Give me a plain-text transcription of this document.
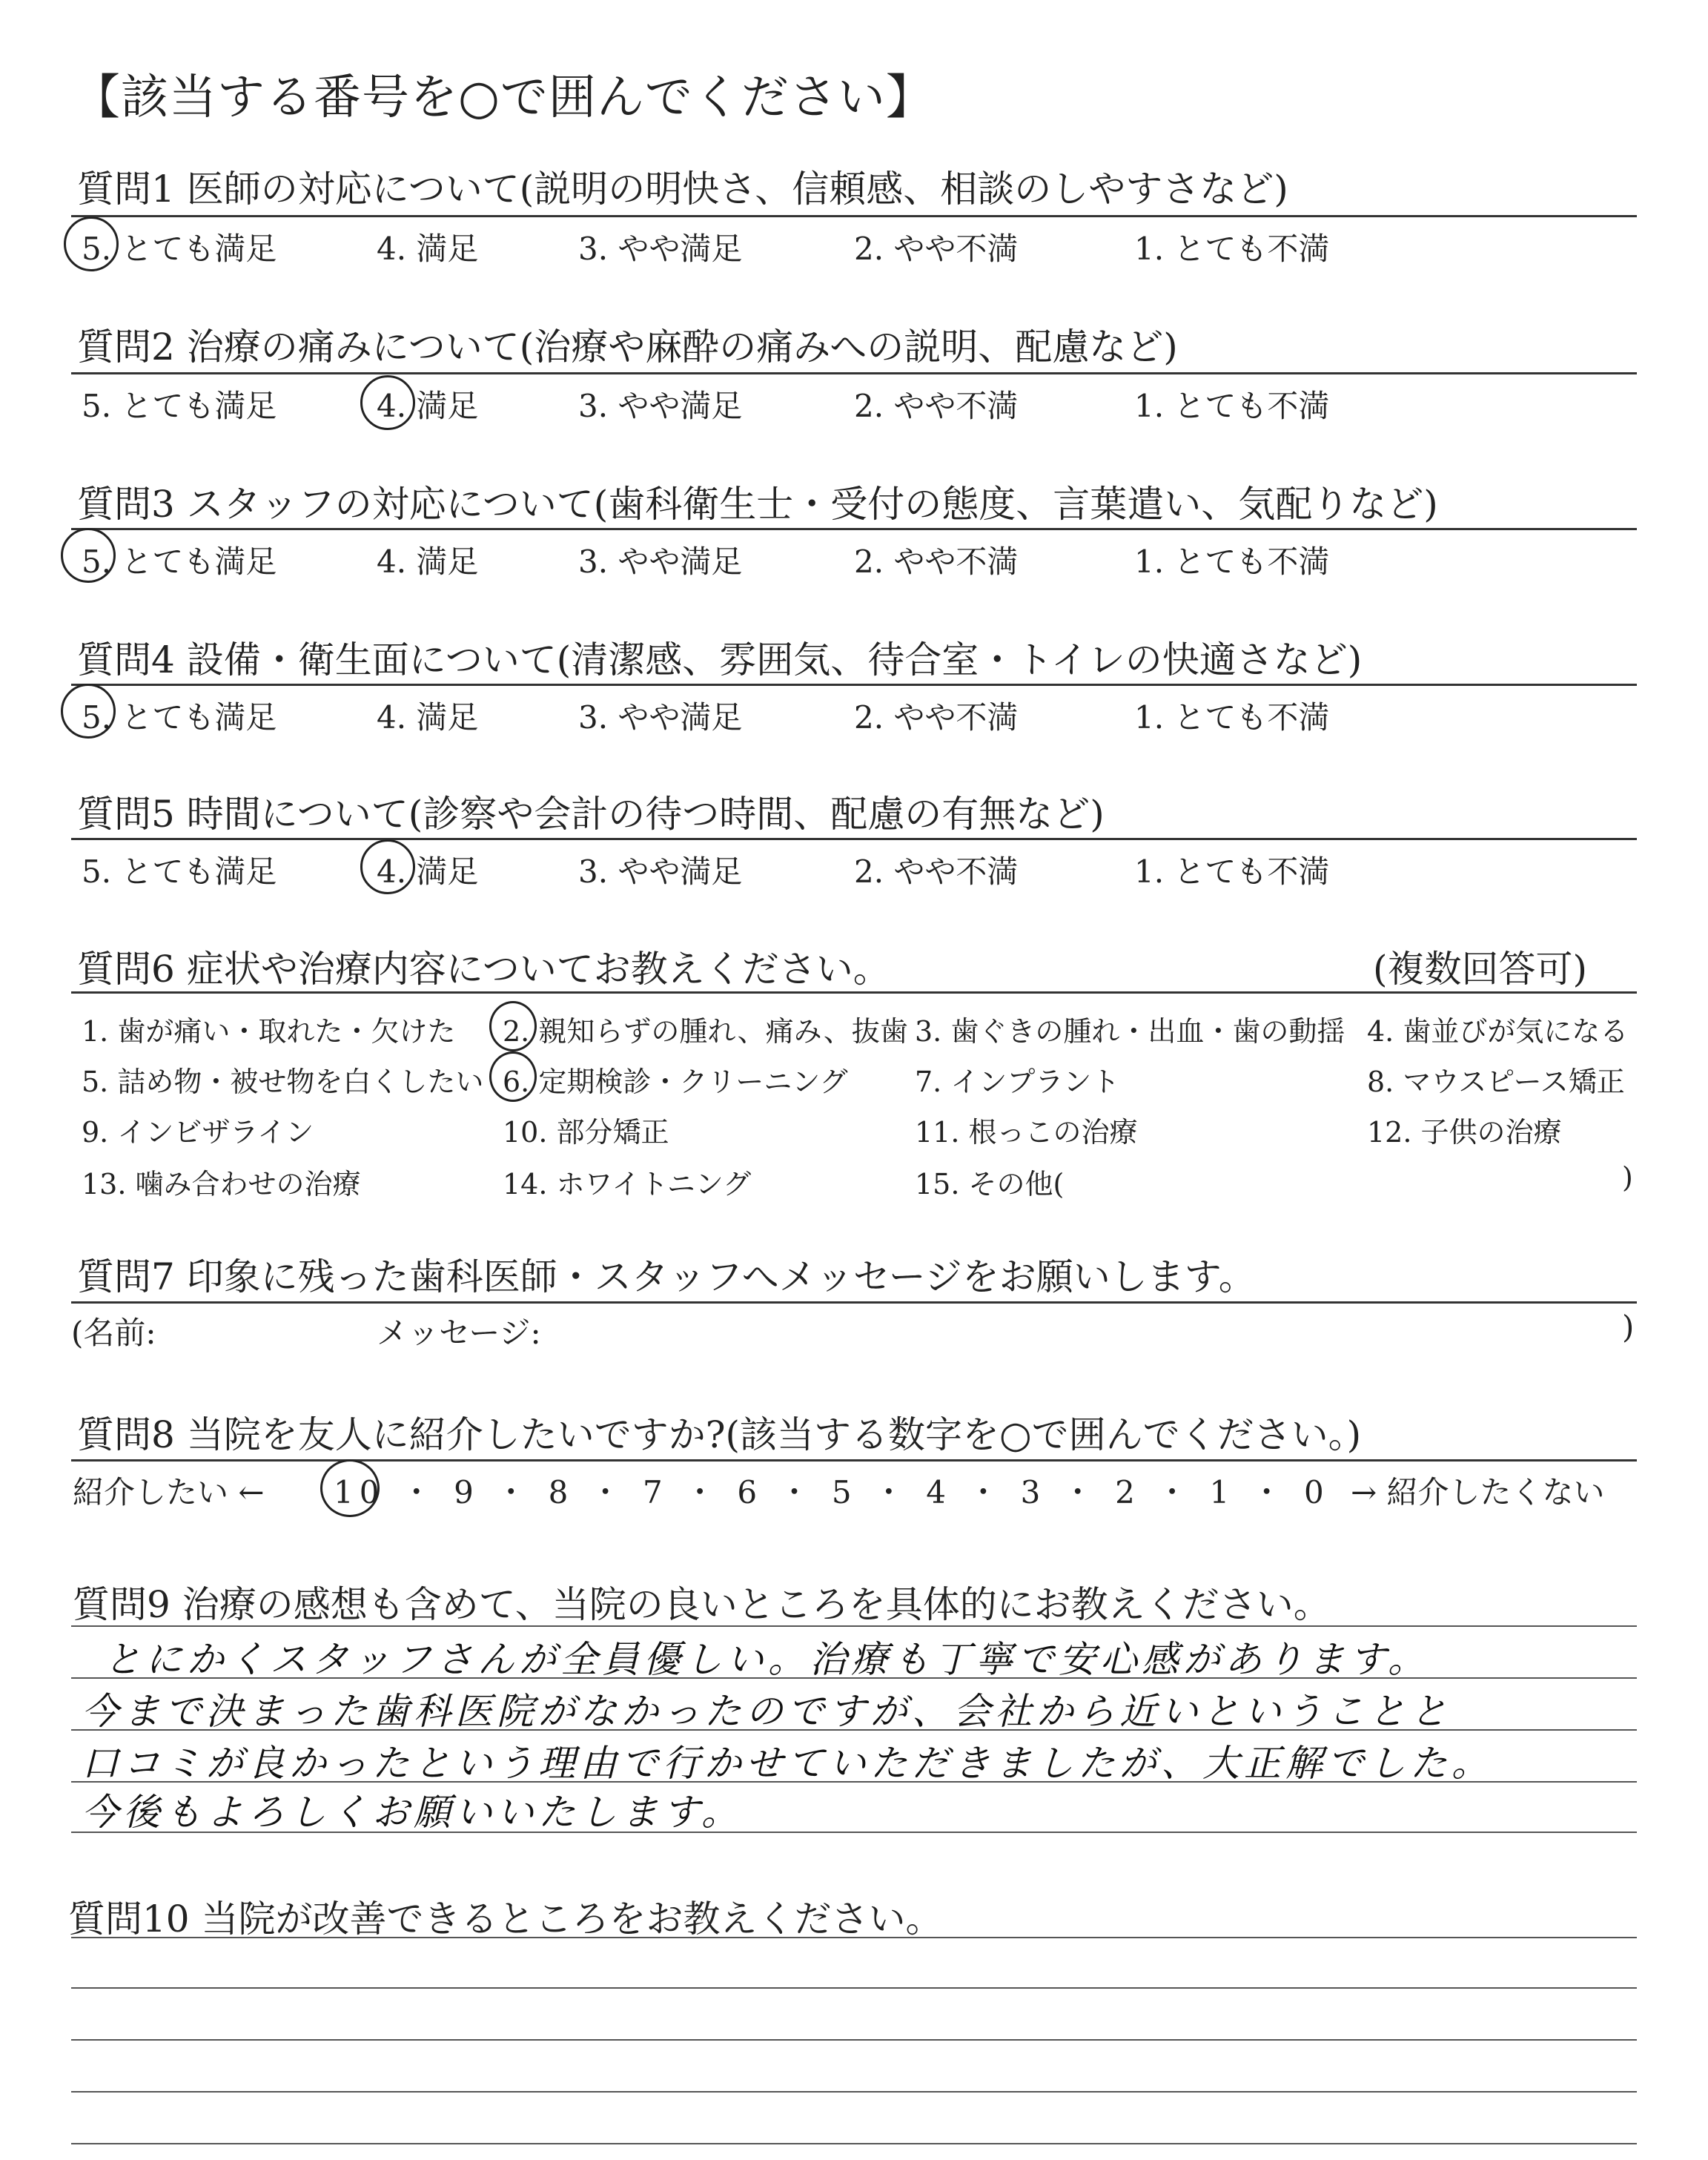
【該当する番号を○で囲んでください】
質問1 医師の対応について(説明の明快さ、信頼感、相談のしやすさなど)
5. とても満足	4. 満足	3. やや満足	2. やや不満	1. とても不満
質問2 治療の痛みについて(治療や麻酔の痛みへの説明、配慮など)
5. とても満足	4. 満足	3. やや満足	2. やや不満	1. とても不満
質問3 スタッフの対応について(歯科衛生士・受付の態度、言葉遣い、気配りなど)
5. とても満足	4. 満足	3. やや満足	2. やや不満	1. とても不満
質問4 設備・衛生面について(清潔感、雰囲気、待合室・トイレの快適さなど)
5. とても満足	4. 満足	3. やや満足	2. やや不満	1. とても不満
質問5 時間について(診察や会計の待つ時間、配慮の有無など)
5. とても満足	4. 満足	3. やや満足	2. やや不満	1. とても不満
質問6 症状や治療内容についてお教えください。	(複数回答可)
1. 歯が痛い・取れた・欠けた 2. 親知らずの腫れ、痛み、抜歯 3. 歯ぐきの腫れ・出血・歯の動揺 4. 歯並びが気になる
5. 詰め物・被せ物を白くしたい 6. 定期検診・クリーニング 7. インプラント	8. マウスピース矯正
9. インビザライン	10. 部分矯正	11. 根っこの治療	12. 子供の治療
13. 噛み合わせの治療	14. ホワイトニング	15. その他(	)
質問7 印象に残った歯科医師・スタッフへメッセージをお願いします。
(名前:	メッセージ:	)
質問8 当院を友人に紹介したいですか?(該当する数字を○で囲んでください。)
紹介したい ← 10 ・ 9 ・ 8 ・ 7 ・ 6 ・ 5 ・ 4 ・ 3 ・ 2 ・ 1 ・ 0 → 紹介したくない
質問9 治療の感想も含めて、当院の良いところを具体的にお教えください。
とにかくスタッフさんが全員優しい。治療も丁寧で安心感があります。
今まで決まった歯科医院がなかったのですが、会社から近いということと
口コミが良かったという理由で行かせていただきましたが、大正解でした。
今後もよろしくお願いいたします。
質問10 当院が改善できるところをお教えください。
